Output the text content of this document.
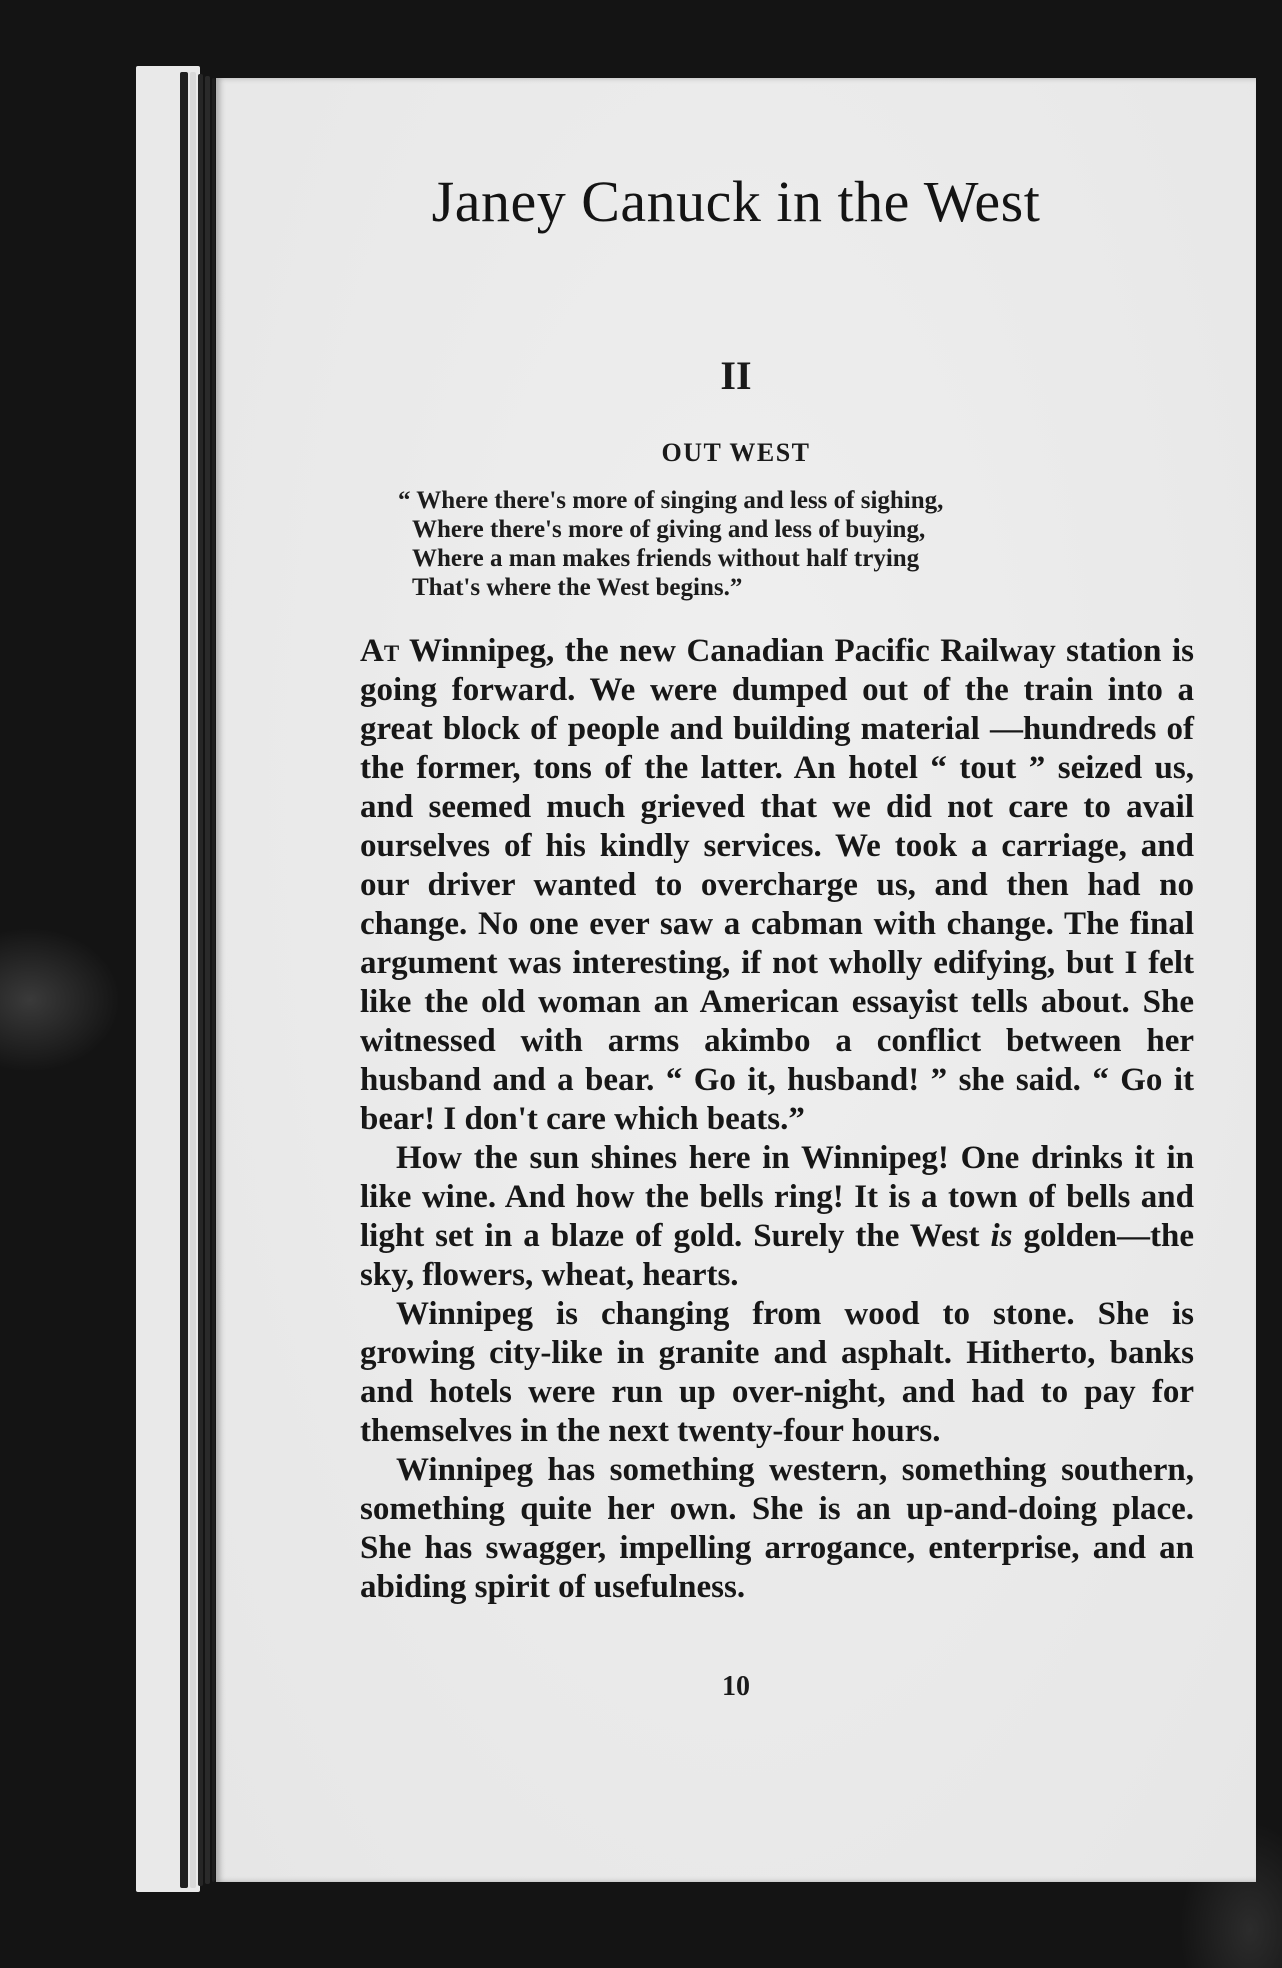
Janey Canuck in the West
II
OUT WEST
“ Where there's more of singing and less of sighing,
Where there's more of giving and less of buying,
Where a man makes friends without half trying
That's where the West begins.”

At Winnipeg, the new Canadian Pacific Railway station is going forward. We were dumped out of the train into a great block of people and building material —hundreds of the former, tons of the latter. An hotel “ tout ” seized us, and seemed much grieved that we did not care to avail ourselves of his kindly services. We took a carriage, and our driver wanted to overcharge us, and then had no change. No one ever saw a cabman with change. The final argument was interesting, if not wholly edifying, but I felt like the old woman an American essayist tells about. She witnessed with arms akimbo a conflict between her husband and a bear. “ Go it, husband! ” she said. “ Go it bear! I don't care which beats.”

How the sun shines here in Winnipeg! One drinks it in like wine. And how the bells ring! It is a town of bells and light set in a blaze of gold. Surely the West is golden—the sky, flowers, wheat, hearts.

Winnipeg is changing from wood to stone. She is growing city-like in granite and asphalt. Hitherto, banks and hotels were run up over-night, and had to pay for themselves in the next twenty-four hours.

Winnipeg has something western, something southern, something quite her own. She is an up-and-doing place. She has swagger, impelling arrogance, enterprise, and an abiding spirit of usefulness.

10
